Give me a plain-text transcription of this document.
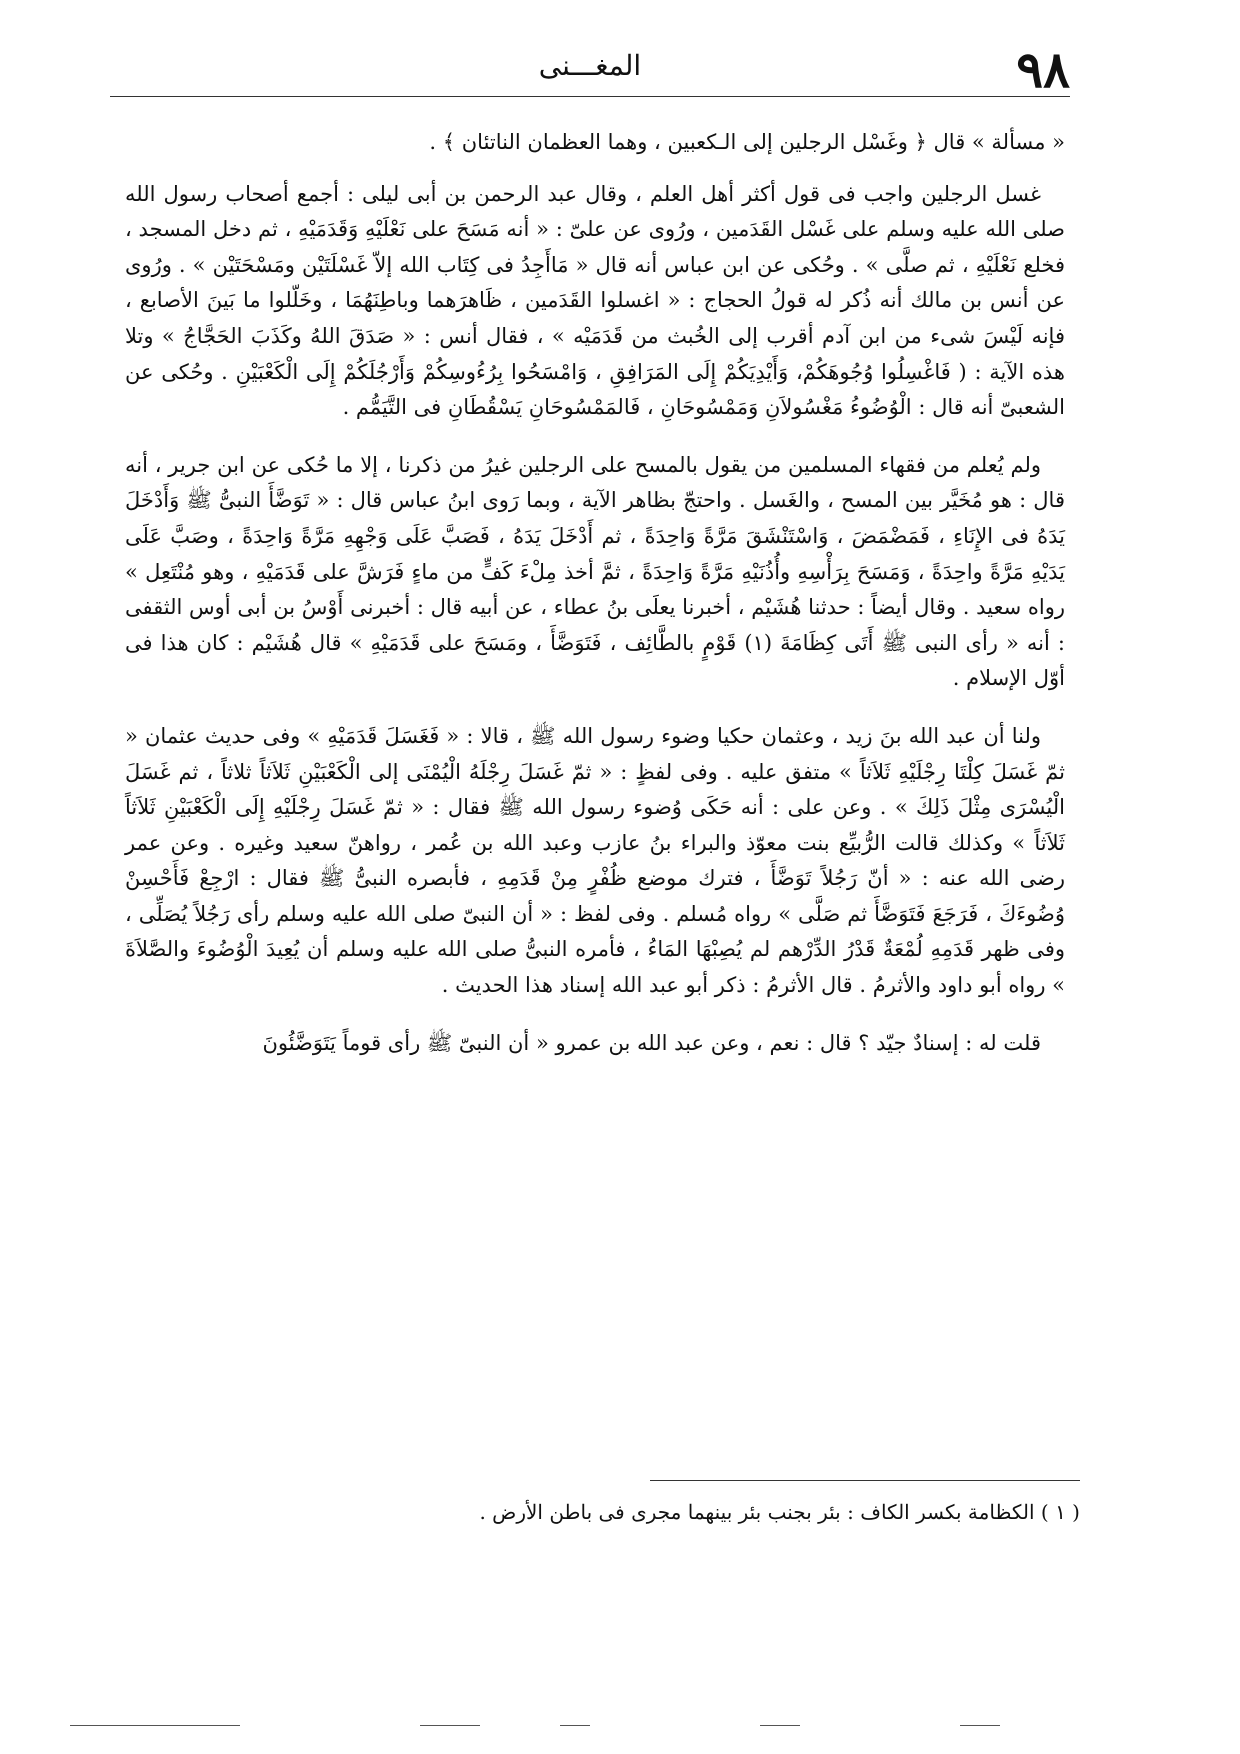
٩٨
المغـــنى

« مسألة » قال ﴿ وغَسْل الرجلين إلى الـكعبين ، وهما العظمان الناتئان ﴾ .

غسل الرجلين واجب فى قول أكثر أهل العلم ، وقال عبد الرحمن بن أبى ليلى : أجمع أصحاب رسول الله صلى الله عليه وسلم على غَسْل القَدَمين ، ورُوى عن علىّ : « أنه مَسَحَ على نَعْلَيْهِ وَقَدَمَيْهِ ، ثم دخل المسجد ، فخلع نَعْلَيْهِ ، ثم صلَّى » . وحُكى عن ابن عباس أنه قال « مَاأَجِدُ فى كِتَاب الله إلاّ غَسْلَتَيْن ومَسْحَتَيْن » . ورُوى عن أنس بن مالك أنه ذُكر له قولُ الحجاج : « اغسلوا القَدَمين ، ظَاهرَهما وباطِنَهُمَا ، وخَلّلوا ما بَينَ الأصابع ، فإنه لَيْسَ شىء من ابن آدم أقرب إلى الخُبث من قَدَمَيْه » ، فقال أنس : « صَدَقَ اللهُ وكَذَبَ الحَجَّاجُ » وتلا هذه الآية : ( فَاغْسِلُوا وُجُوهَكُمْ، وَأَيْدِيَكُمْ إِلَى المَرَافِقِ ، وَامْسَحُوا بِرُءُوسِكُمْ وَأَرْجُلَكُمْ إِلَى الْكَعْبَيْنِ . وحُكى عن الشعبىّ أنه قال : الْوُضُوءُ مَغْسُولاَنِ وَمَمْسُوحَانِ ، فَالمَمْسُوحَانِ يَسْقُطَانِ فى التَّيَمُّم .

ولم يُعلم من فقهاء المسلمين من يقول بالمسح على الرجلين غيرُ من ذكرنا ، إلا ما حُكى عن ابن جرير ، أنه قال : هو مُخَيَّر بين المسح ، والغَسل . واحتجّ بظاهر الآية ، وبما رَوى ابنُ عباس قال : « تَوَضَّأَ النبىُّ ﷺ وَأَدْخَلَ يَدَهُ فى الإِنَاءِ ، فَمَضْمَضَ ، وَاسْتَنْشَقَ مَرَّةً وَاحِدَةً ، ثم أَدْخَلَ يَدَهُ ، فَصَبَّ عَلَى وَجْهِهِ مَرَّةً وَاحِدَةً ، وصَبَّ عَلَى يَدَيْهِ مَرَّةً واحِدَةً ، وَمَسَحَ بِرَأْسِهِ وأُذُنَيْهِ مَرَّةً وَاحِدَةً ، ثمَّ أخذ مِلْءَ كَفٍّ من ماءٍ فَرَشَّ على قَدَمَيْهِ ، وهو مُنْتَعِل » رواه سعيد . وقال أيضاً : حدثنا هُشَيْم ، أخبرنا يعلَى بنُ عطاء ، عن أبيه قال : أخبرنى أَوْسُ بن أبى أوس الثقفى : أنه « رأى النبى ﷺ أَتَى كِظَامَةَ (١) قَوْمٍ بالطَّائِف ، فَتَوَضَّأَ ، ومَسَحَ على قَدَمَيْهِ » قال هُشَيْم : كان هذا فى أوّل الإسلام .

ولنا أن عبد الله بنَ زيد ، وعثمان حكيا وضوء رسول الله ﷺ ، قالا : « فَغَسَلَ قَدَمَيْهِ » وفى حديث عثمان « ثمّ غَسَلَ كِلْتَا رِجْلَيْهِ ثَلاَثاً » متفق عليه . وفى لفظٍ : « ثمّ غَسَلَ رِجْلَهُ الْيُمْنَى إلى الْكَعْبَيْنِ ثَلاَثاً ثلاثاً ، ثم غَسَلَ الْيُسْرَى مِثْلَ ذَلِكَ » . وعن على : أنه حَكَى وُضوء رسول الله ﷺ فقال : « ثمّ غَسَلَ رِجْلَيْهِ إِلَى الْكَعْبَيْنِ ثَلاَثاً ثَلاَثاً » وكذلك قالت الرُّبيِّع بنت معوّذ والبراء بنُ عازب وعبد الله بن عُمر ، رواهنّ سعيد وغيره . وعن عمر رضى الله عنه : « أنّ رَجُلاً تَوَضَّأَ ، فترك موضع ظُفْرٍ مِنْ قَدَمِهِ ، فأبصره النبىُّ ﷺ فقال : ارْجِعْ فَأَحْسِنْ وُضُوءَكَ ، فَرَجَعَ فَتَوَضَّأَ ثم صَلَّى » رواه مُسلم . وفى لفظ : « أن النبىّ صلى الله عليه وسلم رأى رَجُلاً يُصَلِّى ، وفى ظهر قَدَمِهِ لُمْعَةٌ قَدْرُ الدِّرْهم لم يُصِبْهَا المَاءُ ، فأمره النبىُّ صلى الله عليه وسلم أن يُعِيدَ الْوُضُوءَ والصَّلاَةَ » رواه أبو داود والأثرمُ . قال الأثرمُ : ذكر أبو عبد الله إسناد هذا الحديث .

قلت له : إسنادٌ جيّد ؟ قال : نعم ، وعن عبد الله بن عمرو « أن النبىّ ﷺ رأى قوماً يَتَوَضَّئُونَ

( ١ ) الكظامة بكسر الكاف : بئر بجنب بئر بينهما مجرى فى باطن الأرض .
